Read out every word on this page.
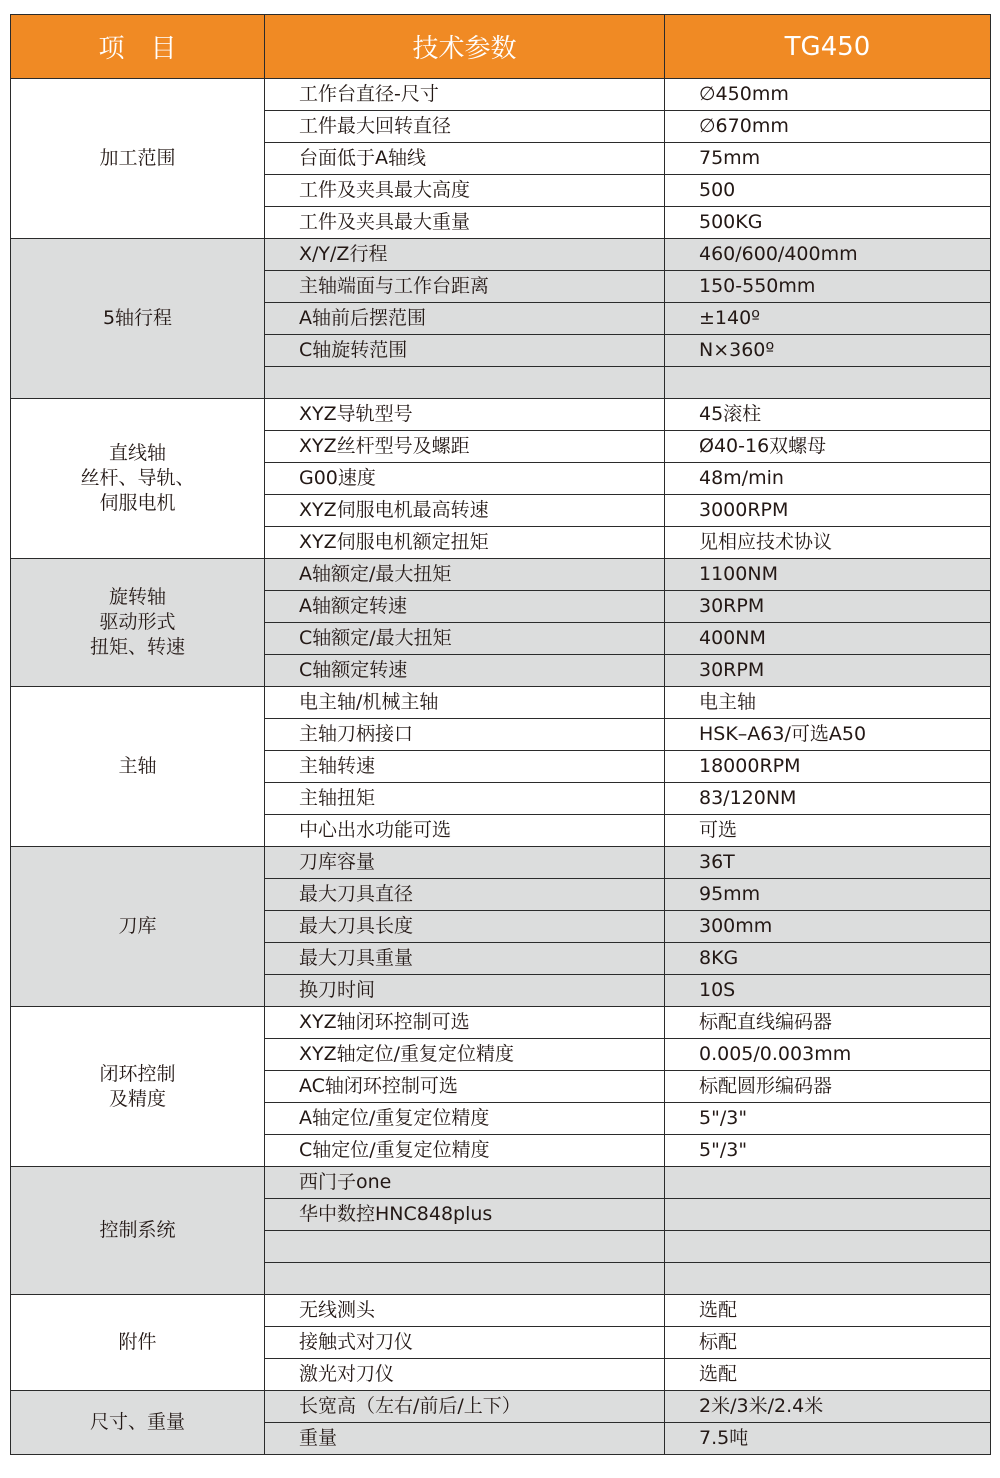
项　目	技术参数	TG450
加工范围	工作台直径-尺寸	∅450mm
	工件最大回转直径	∅670mm
	台面低于A轴线	75mm
	工件及夹具最大高度	500
	工件及夹具最大重量	500KG
5轴行程	X/Y/Z行程	460/600/400mm
	主轴端面与工作台距离	150-550mm
	A轴前后摆范围	±140º
	C轴旋转范围	N×360º

直线轴
丝杆、导轨、
伺服电机	XYZ导轨型号	45滚柱
	XYZ丝杆型号及螺距	Ø40-16双螺母
	G00速度	48m/min
	XYZ伺服电机最高转速	3000RPM
	XYZ伺服电机额定扭矩	见相应技术协议
旋转轴
驱动形式
扭矩、转速	A轴额定/最大扭矩	1100NM
	A轴额定转速	30RPM
	C轴额定/最大扭矩	400NM
	C轴额定转速	30RPM
主轴	电主轴/机械主轴	电主轴
	主轴刀柄接口	HSK–A63/可选A50
	主轴转速	18000RPM
	主轴扭矩	83/120NM
	中心出水功能可选	可选
刀库	刀库容量	36T
	最大刀具直径	95mm
	最大刀具长度	300mm
	最大刀具重量	8KG
	换刀时间	10S
闭环控制
及精度	XYZ轴闭环控制可选	标配直线编码器
	XYZ轴定位/重复定位精度	0.005/0.003mm
	AC轴闭环控制可选	标配圆形编码器
	A轴定位/重复定位精度	5"/3"
	C轴定位/重复定位精度	5"/3"
控制系统	西门子one	
	华中数控HNC848plus	

附件	无线测头	选配
	接触式对刀仪	标配
	激光对刀仪	选配
尺寸、重量	长宽高（左右/前后/上下）	2米/3米/2.4米
	重量	7.5吨
